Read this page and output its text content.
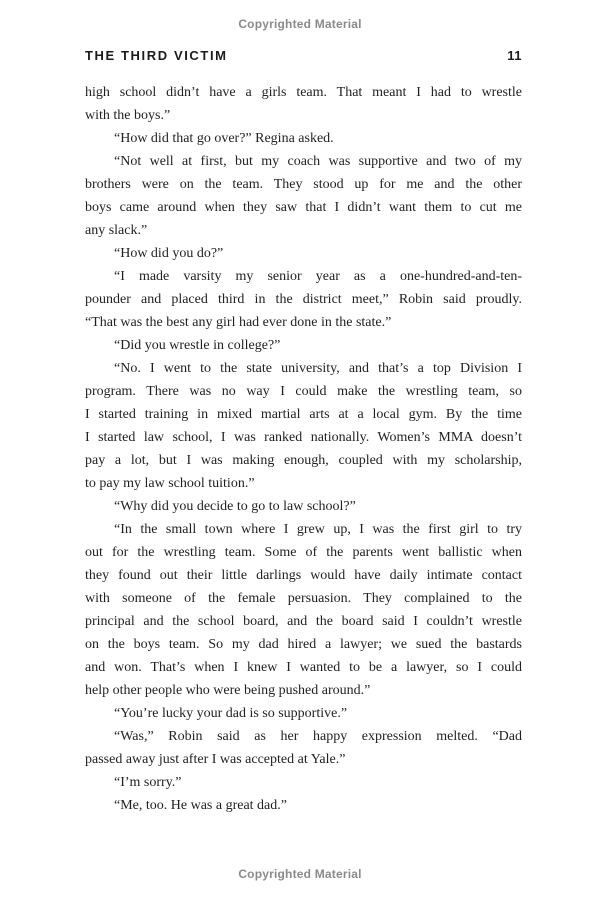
Copyrighted Material
THE THIRD VICTIM	11

high school didn’t have a girls team. That meant I had to wrestle
with the boys.”

“How did that go over?” Regina asked.

“Not well at first, but my coach was supportive and two of my
brothers were on the team. They stood up for me and the other
boys came around when they saw that I didn’t want them to cut me
any slack.”

“How did you do?”

“I made varsity my senior year as a one-hundred-and-ten-
pounder and placed third in the district meet,” Robin said proudly.
“That was the best any girl had ever done in the state.”

“Did you wrestle in college?”

“No. I went to the state university, and that’s a top Division I
program. There was no way I could make the wrestling team, so
I started training in mixed martial arts at a local gym. By the time
I started law school, I was ranked nationally. Women’s MMA doesn’t
pay a lot, but I was making enough, coupled with my scholarship,
to pay my law school tuition.”

“Why did you decide to go to law school?”

“In the small town where I grew up, I was the first girl to try
out for the wrestling team. Some of the parents went ballistic when
they found out their little darlings would have daily intimate contact
with someone of the female persuasion. They complained to the
principal and the school board, and the board said I couldn’t wrestle
on the boys team. So my dad hired a lawyer; we sued the bastards
and won. That’s when I knew I wanted to be a lawyer, so I could
help other people who were being pushed around.”

“You’re lucky your dad is so supportive.”

“Was,” Robin said as her happy expression melted. “Dad
passed away just after I was accepted at Yale.”

“I’m sorry.”

“Me, too. He was a great dad.”

Copyrighted Material
